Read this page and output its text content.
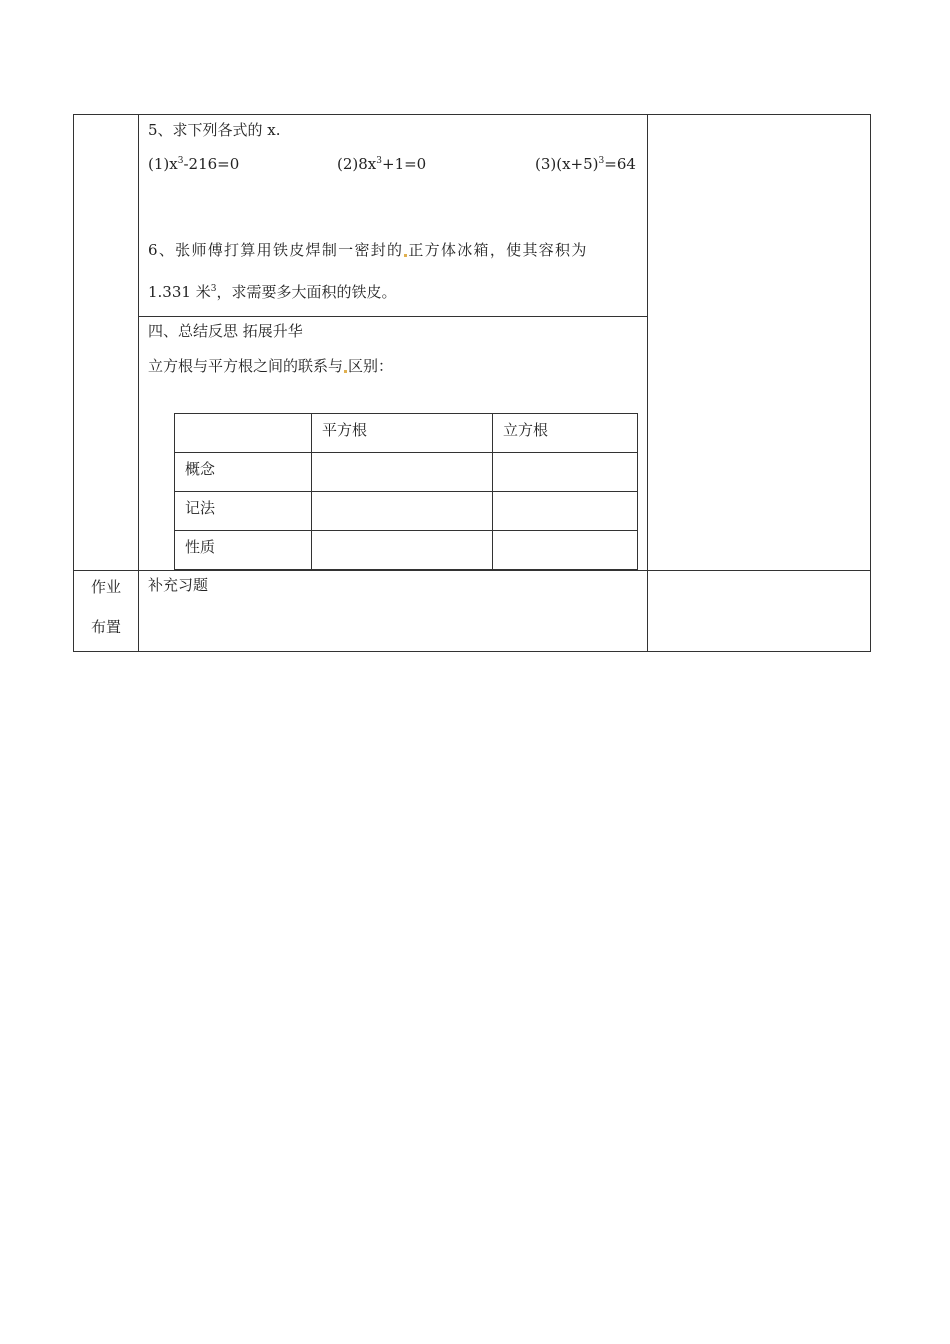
5、求下列各式的 x.
$(1)x^3-216=0$	$(2)8x^3+1=0$	$(3)(x+5)^3=64$
6、张师傅打算用铁皮焊制一密封的 正方体冰箱，使其容积为
1.331 米$^3$，求需要多大面积的铁皮。

四、总结反思 拓展升华
立方根与平方根之间的联系与 区别：
	平方根	立方根
概念		
记法		
性质		

作业
布置

补充习题
